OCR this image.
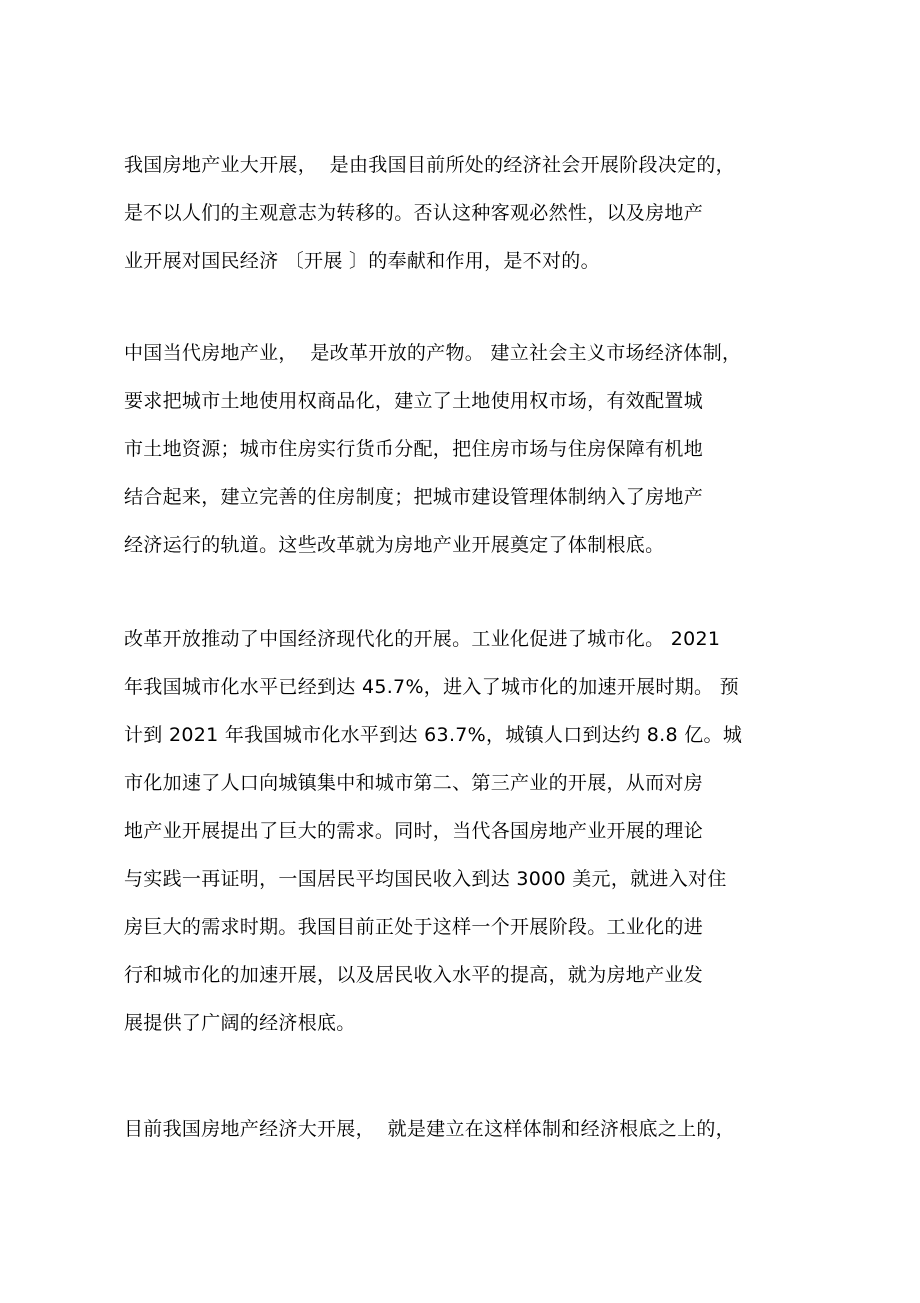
我国房地产业大开展，  是由我国目前所处的经济社会开展阶段决定的，
是不以人们的主观意志为转移的。否认这种客观必然性，以及房地产
业开展对国民经济 〔开展 〕的奉献和作用，是不对的。
中国当代房地产业，  是改革开放的产物。 建立社会主义市场经济体制，
要求把城市土地使用权商品化，建立了土地使用权市场，有效配置城
市土地资源；城市住房实行货币分配，把住房市场与住房保障有机地
结合起来，建立完善的住房制度；把城市建设管理体制纳入了房地产
经济运行的轨道。这些改革就为房地产业开展奠定了体制根底。
改革开放推动了中国经济现代化的开展。工业化促进了城市化。 2021
年我国城市化水平已经到达 45.7%，进入了城市化的加速开展时期。 预
计到 2021 年我国城市化水平到达 63.7%，城镇人口到达约 8.8 亿。城
市化加速了人口向城镇集中和城市第二、第三产业的开展，从而对房
地产业开展提出了巨大的需求。同时，当代各国房地产业开展的理论
与实践一再证明，一国居民平均国民收入到达 3000 美元，就进入对住
房巨大的需求时期。我国目前正处于这样一个开展阶段。工业化的进
行和城市化的加速开展，以及居民收入水平的提高，就为房地产业发
展提供了广阔的经济根底。
目前我国房地产经济大开展，  就是建立在这样体制和经济根底之上的，
